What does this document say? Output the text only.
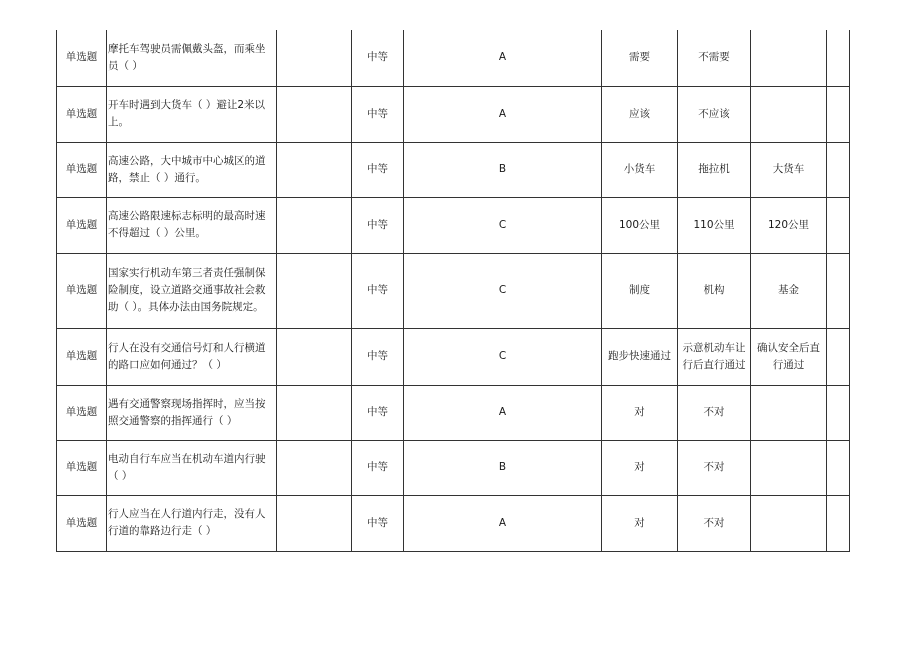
单选题	摩托车驾驶员需佩戴头盔，而乘坐员（ ）		中等	A	需要	不需要		
单选题	开车时遇到大货车（ ）避让2米以上。		中等	A	应该	不应该		
单选题	高速公路，大中城市中心城区的道路，禁止（ ）通行。		中等	B	小货车	拖拉机	大货车	
单选题	高速公路限速标志标明的最高时速不得超过（ ）公里。		中等	C	100公里	110公里	120公里	
单选题	国家实行机动车第三者责任强制保险制度，设立道路交通事故社会救助（ ）。具体办法由国务院规定。		中等	C	制度	机构	基金	
单选题	行人在没有交通信号灯和人行横道的路口应如何通过？（ ）		中等	C	跑步快速通过	示意机动车让行后直行通过	确认安全后直行通过	
单选题	遇有交通警察现场指挥时，应当按照交通警察的指挥通行（ ）		中等	A	对	不对		
单选题	电动自行车应当在机动车道内行驶（ ）		中等	B	对	不对		
单选题	行人应当在人行道内行走，没有人行道的靠路边行走（ ）		中等	A	对	不对		
